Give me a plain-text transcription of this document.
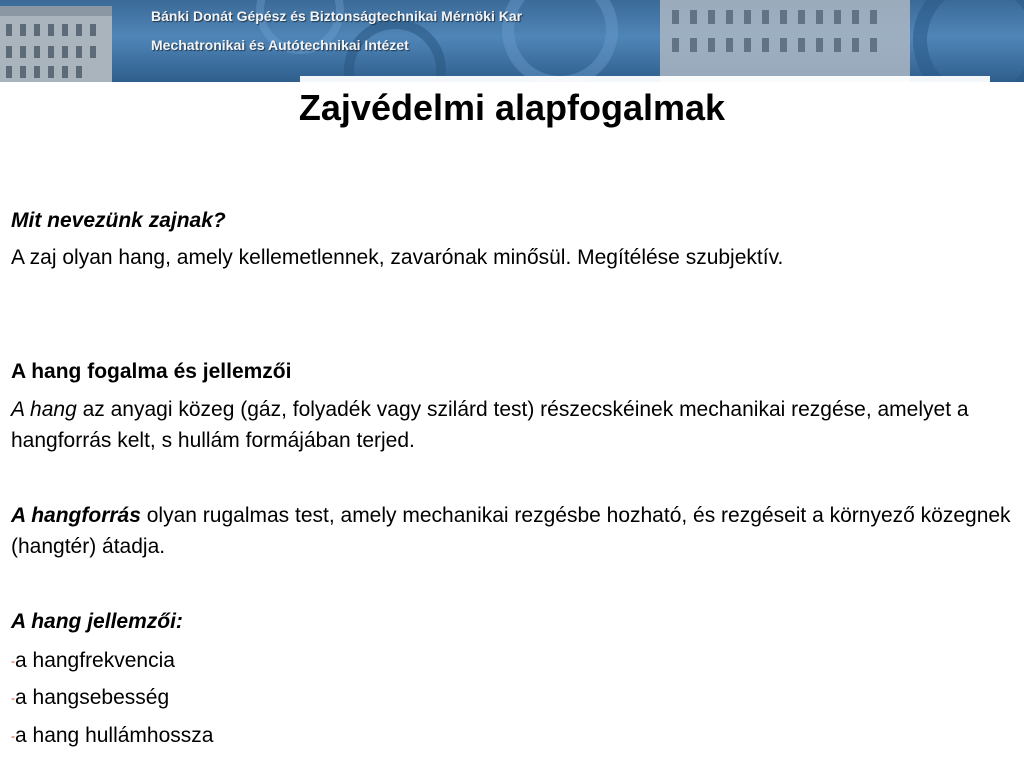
Bánki Donát Gépész és Biztonságtechnikai Mérnöki Kar
Mechatronikai és Autótechnikai Intézet
Zajvédelmi alapfogalmak
Mit nevezünk zajnak?
A zaj olyan hang, amely kellemetlennek, zavarónak minősül. Megítélése szubjektív.
A hang fogalma és jellemzői
A hang az anyagi közeg (gáz, folyadék vagy szilárd test) részecskéinek mechanikai rezgése, amelyet a hangforrás kelt, s hullám formájában terjed.
A hangforrás olyan rugalmas test, amely mechanikai rezgésbe hozható, és rezgéseit a környező közegnek (hangtér) átadja.
A hang jellemzői:
-a hangfrekvencia
-a hangsebesség
-a hang hullámhossza
